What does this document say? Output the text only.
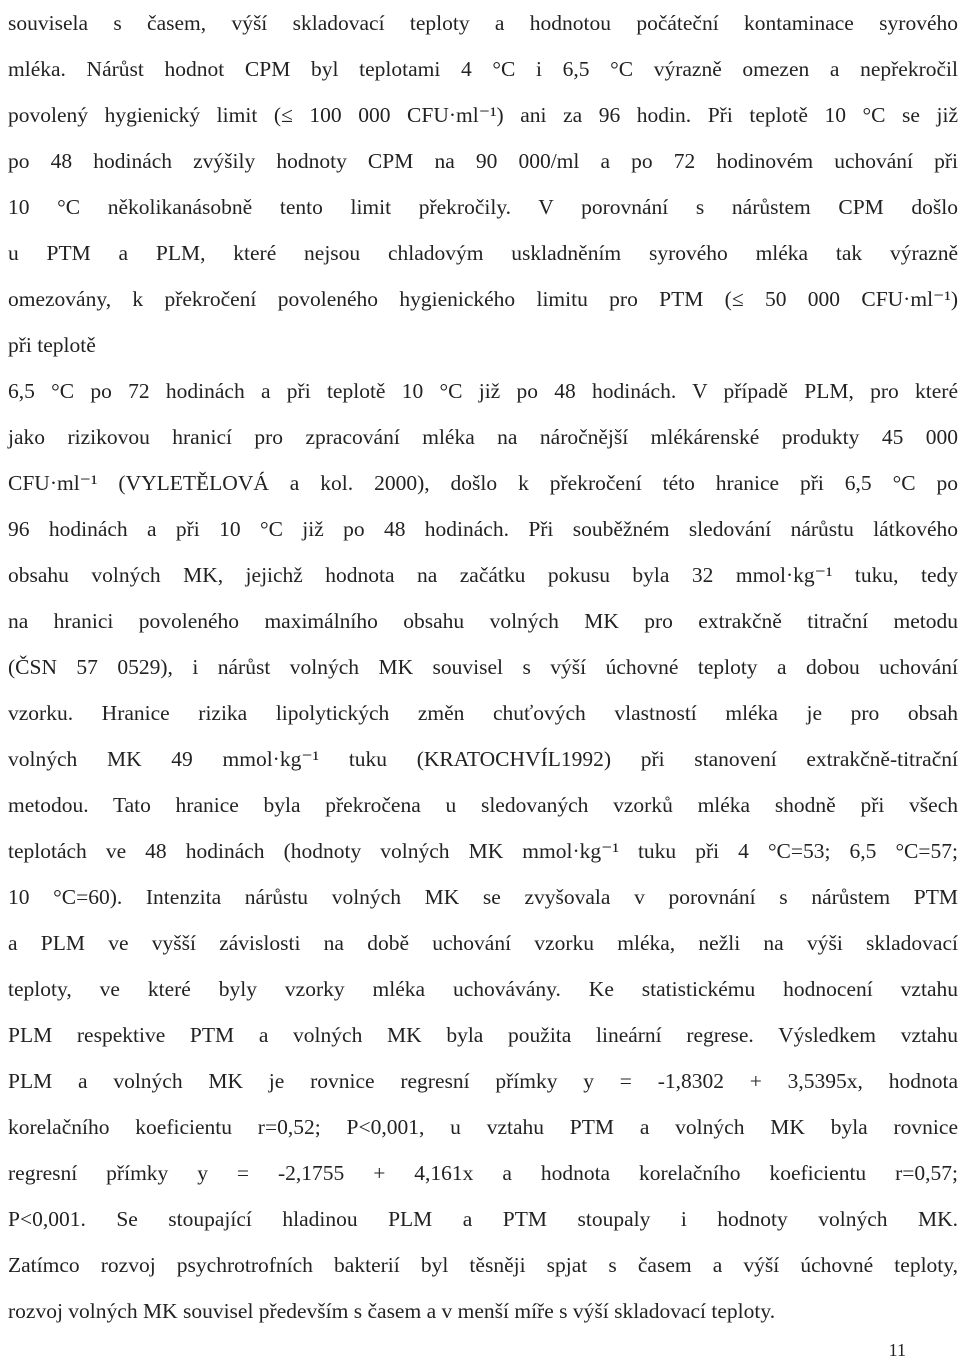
souvisela s časem, výší skladovací teploty a hodnotou počáteční kontaminace syrového
mléka. Nárůst hodnot CPM byl teplotami 4 °C i 6,5 °C výrazně omezen a nepřekročil
povolený hygienický limit (≤ 100 000 CFU·ml⁻¹) ani za 96 hodin. Při teplotě 10 °C se již
po 48 hodinách zvýšily hodnoty CPM na 90 000/ml a po 72 hodinovém uchování při
10 °C několikanásobně tento limit překročily. V porovnání s nárůstem CPM došlo
u PTM a PLM, které nejsou chladovým uskladněním syrového mléka tak výrazně
omezovány, k překročení povoleného hygienického limitu pro PTM (≤ 50 000 CFU·ml⁻¹)
při teplotě
6,5 °C po 72 hodinách a při teplotě 10 °C již po 48 hodinách. V případě PLM, pro které
jako rizikovou hranicí pro zpracování mléka na náročnější mlékárenské produkty 45 000
CFU·ml⁻¹ (VYLETĚLOVÁ a kol. 2000), došlo k překročení této hranice při 6,5 °C po
96 hodinách a při 10 °C již po 48 hodinách. Při souběžném sledování nárůstu látkového
obsahu volných MK, jejichž hodnota na začátku pokusu byla 32 mmol·kg⁻¹ tuku, tedy
na hranici povoleného maximálního obsahu volných MK pro extrakčně titrační metodu
(ČSN 57 0529), i nárůst volných MK souvisel s výší úchovné teploty a dobou uchování
vzorku. Hranice rizika lipolytických změn chuťových vlastností mléka je pro obsah
volných MK 49 mmol·kg⁻¹ tuku (KRATOCHVÍL1992) při stanovení extrakčně-titrační
metodou. Tato hranice byla překročena u sledovaných vzorků mléka shodně při všech
teplotách ve 48 hodinách (hodnoty volných MK mmol·kg⁻¹ tuku při 4 °C=53; 6,5 °C=57;
10 °C=60). Intenzita nárůstu volných MK se zvyšovala v porovnání s nárůstem PTM
a PLM ve vyšší závislosti na době uchování vzorku mléka, nežli na výši skladovací
teploty, ve které byly vzorky mléka uchovávány. Ke statistickému hodnocení vztahu
PLM respektive PTM a volných MK byla použita lineární regrese. Výsledkem vztahu
PLM a volných MK je rovnice regresní přímky y = -1,8302 + 3,5395x, hodnota
korelačního koeficientu r=0,52; P<0,001, u vztahu PTM a volných MK byla rovnice
regresní přímky y = -2,1755 + 4,161x a hodnota korelačního koeficientu r=0,57;
P<0,001. Se stoupající hladinou PLM a PTM stoupaly i hodnoty volných MK.
Zatímco rozvoj psychrotrofních bakterií byl těsněji spjat s časem a výší úchovné teploty,
rozvoj volných MK souvisel především s časem a v menší míře s výší skladovací teploty.
11
